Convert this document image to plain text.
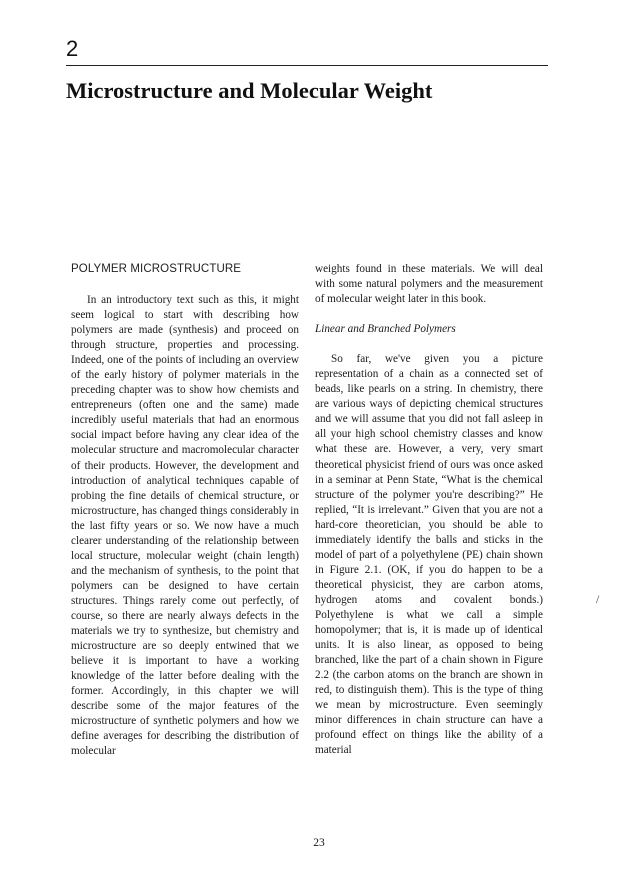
2
Microstructure and Molecular Weight
POLYMER MICROSTRUCTURE

In an introductory text such as this, it might seem logical to start with describing how polymers are made (synthesis) and proceed on through structure, properties and processing. Indeed, one of the points of including an overview of the early history of polymer materials in the preceding chapter was to show how chemists and entrepreneurs (often one and the same) made incredibly useful materials that had an enormous social impact before having any clear idea of the molecular structure and macromolecular character of their products. However, the development and introduction of analytical techniques capable of probing the fine details of chemical structure, or microstructure, has changed things considerably in the last fifty years or so. We now have a much clearer understanding of the relationship between local structure, molecular weight (chain length) and the mechanism of synthesis, to the point that polymers can be designed to have certain structures. Things rarely come out perfectly, of course, so there are nearly always defects in the materials we try to synthesize, but chemistry and microstructure are so deeply entwined that we believe it is important to have a working knowledge of the latter before dealing with the former. Accordingly, in this chapter we will describe some of the major features of the microstructure of synthetic polymers and how we define averages for describing the distribution of molecular

weights found in these materials. We will deal with some natural polymers and the measurement of molecular weight later in this book.

Linear and Branched Polymers

So far, we've given you a picture representation of a chain as a connected set of beads, like pearls on a string. In chemistry, there are various ways of depicting chemical structures and we will assume that you did not fall asleep in all your high school chemistry classes and know what these are. However, a very, very smart theoretical physicist friend of ours was once asked in a seminar at Penn State, “What is the chemical structure of the polymer you're describing?” He replied, “It is irrelevant.” Given that you are not a hard-core theoretician, you should be able to immediately identify the balls and sticks in the model of part of a polyethylene (PE) chain shown in Figure 2.1. (OK, if you do happen to be a theoretical physicist, they are carbon atoms, hydrogen atoms and covalent bonds.) Polyethylene is what we call a simple homopolymer; that is, it is made up of identical units. It is also linear, as opposed to being branched, like the part of a chain shown in Figure 2.2 (the carbon atoms on the branch are shown in red, to distinguish them). This is the type of thing we mean by microstructure. Even seemingly minor differences in chain structure can have a profound effect on things like the ability of a material

/
23
